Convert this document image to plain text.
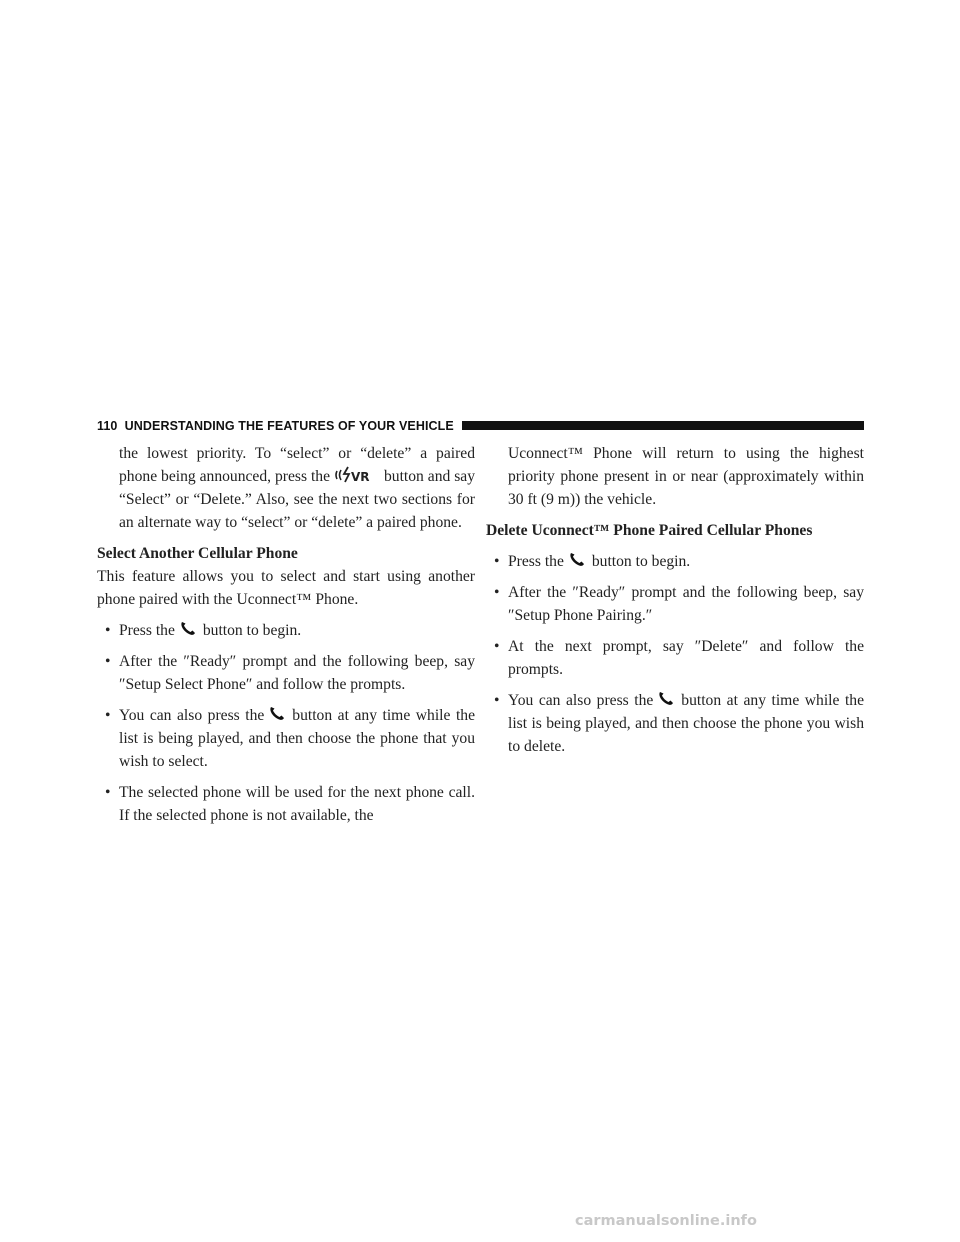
110 UNDERSTANDING THE FEATURES OF YOUR VEHICLE

the lowest priority. To “select” or “delete” a paired phone being announced, press the VR button and say “Select” or “Delete.” Also, see the next two sections for an alternate way to “select” or “delete” a paired phone.

Select Another Cellular Phone

This feature allows you to select and start using another phone paired with the Uconnect™ Phone.

• Press the button to begin.
• After the ″Ready″ prompt and the following beep, say ″Setup Select Phone″ and follow the prompts.
• You can also press the button at any time while the list is being played, and then choose the phone that you wish to select.
• The selected phone will be used for the next phone call. If the selected phone is not available, the

Uconnect™ Phone will return to using the highest priority phone present in or near (approximately within 30 ft (9 m)) the vehicle.

Delete Uconnect™ Phone Paired Cellular Phones

• Press the button to begin.
• After the ″Ready″ prompt and the following beep, say ″Setup Phone Pairing.″
• At the next prompt, say ″Delete″ and follow the prompts.
• You can also press the button at any time while the list is being played, and then choose the phone you wish to delete.
carmanualsonline.info
